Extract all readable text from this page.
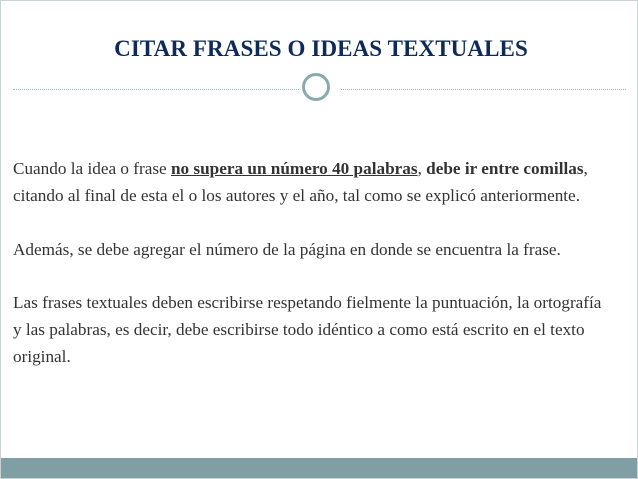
CITAR FRASES O IDEAS TEXTUALES

Cuando la idea o frase no supera un número 40 palabras, debe ir entre comillas, citando al final de esta el o los autores y el año, tal como se explicó anteriormente.

Además, se debe agregar el número de la página en donde se encuentra la frase.

Las frases textuales deben escribirse respetando fielmente la puntuación, la ortografía y las palabras, es decir, debe escribirse todo idéntico a como está escrito en el texto original.
